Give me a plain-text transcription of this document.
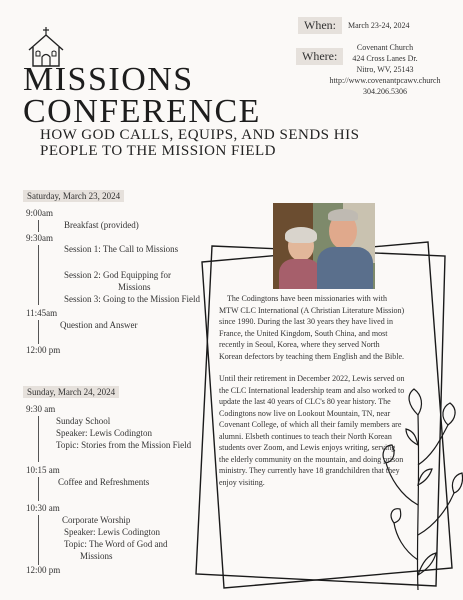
MISSIONS
CONFERENCE
HOW GOD CALLS, EQUIPS, AND SENDS HIS
PEOPLE TO THE MISSION FIELD
When:	March 23-24, 2024
Where:
Covenant Church
424 Cross Lanes Dr.
Nitro, WV, 25143
http://www.covenantpcawv.church
304.206.5306
Saturday, March 23, 2024
9:00am
Breakfast (provided)
9:30am
Session 1: The Call to Missions
Session 2: God Equipping for
Missions
Session 3: Going to the Mission Field
11:45am
Question and Answer
12:00 pm
Sunday, March 24, 2024
9:30 am
Sunday School
Speaker: Lewis Codington
Topic: Stories from the Mission Field
10:15 am
Coffee and Refreshments
10:30 am
Corporate Worship
Speaker: Lewis Codington
Topic: The Word of God and
Missions
12:00 pm
The Codingtons have been missionaries with with MTW CLC International (A Christian Literature Mission) since 1990. During the last 30 years they have lived in France, the United Kingdom, South China, and most recently in Seoul, Korea, where they served North Korean defectors by teaching them English and the Bible.
Until their retirement in December 2022, Lewis served on the CLC International leadership team and also worked to update the last 40 years of CLC's 80 year history. The Codingtons now live on Lookout Mountain, TN, near Covenant College, of which all their family members are alumni. Elsbeth continues to teach their North Korean students over Zoom, and Lewis enjoys writing, serving the elderly community on the mountain, and doing prison ministry. They currently have 18 grandchildren that they enjoy visiting.
